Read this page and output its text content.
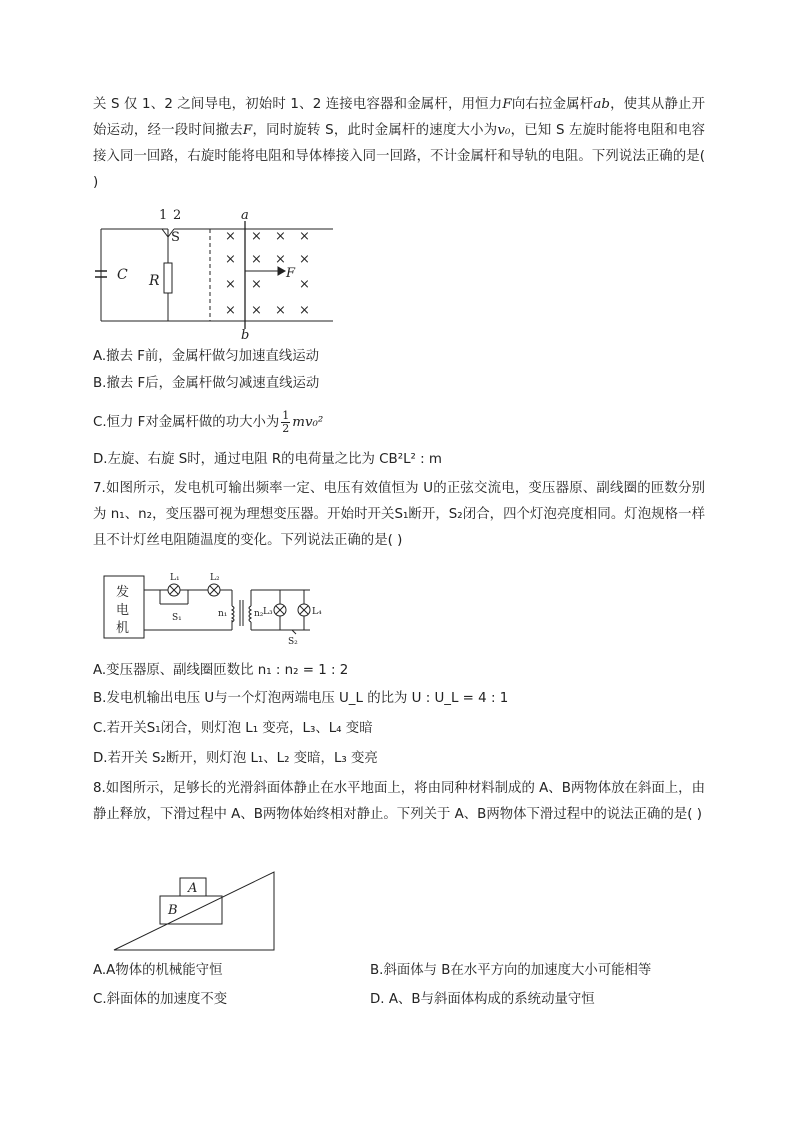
关 S 仅 1、2 之间导电，初始时 1、2 连接电容器和金属杆，用恒力F向右拉金属杆ab，使其从静止开始运动，经一段时间撤去F，同时旋转 S，此时金属杆的速度大小为v₀，已知 S 左旋时能将电阻和电容接入同一回路，右旋时能将电阻和导体棒接入同一回路，不计金属杆和导轨的电阻。下列说法正确的是( )
1 2
S
a
b
C R	F
× × × ×
× × × ×
×	×
× × × ×
×
A.撤去 F前，金属杆做匀加速直线运动
B.撤去 F后，金属杆做匀减速直线运动
C.恒力 F对金属杆做的功大小为 $\frac{1}{2} mv_0^2$
D.左旋、右旋 S时，通过电阻 R的电荷量之比为 CB²L² : m
7.如图所示，发电机可输出频率一定、电压有效值恒为 U的正弦交流电，变压器原、副线圈的匝数分别为 n₁、n₂，变压器可视为理想变压器。开始时开关S₁断开，S₂闭合，四个灯泡亮度相同。灯泡规格一样且不计灯丝电阻随温度的变化。下列说法正确的是( )
发
电
机
L₁	L₂
S₁	n₁	n₂ L₃	L₄
S₂
A.变压器原、副线圈匝数比 n₁ : n₂ = 1 : 2
B.发电机输出电压 U与一个灯泡两端电压 U_L 的比为 U : U_L = 4 : 1
C.若开关S₁闭合，则灯泡 L₁ 变亮，L₃、L₄ 变暗
D.若开关 S₂断开，则灯泡 L₁、L₂ 变暗，L₃ 变亮
8.如图所示，足够长的光滑斜面体静止在水平地面上，将由同种材料制成的 A、B两物体放在斜面上，由静止释放，下滑过程中 A、B两物体始终相对静止。下列关于 A、B两物体下滑过程中的说法正确的是( )
A
B
A.A物体的机械能守恒	B.斜面体与 B在水平方向的加速度大小可能相等
C.斜面体的加速度不变	D. A、B与斜面体构成的系统动量守恒
